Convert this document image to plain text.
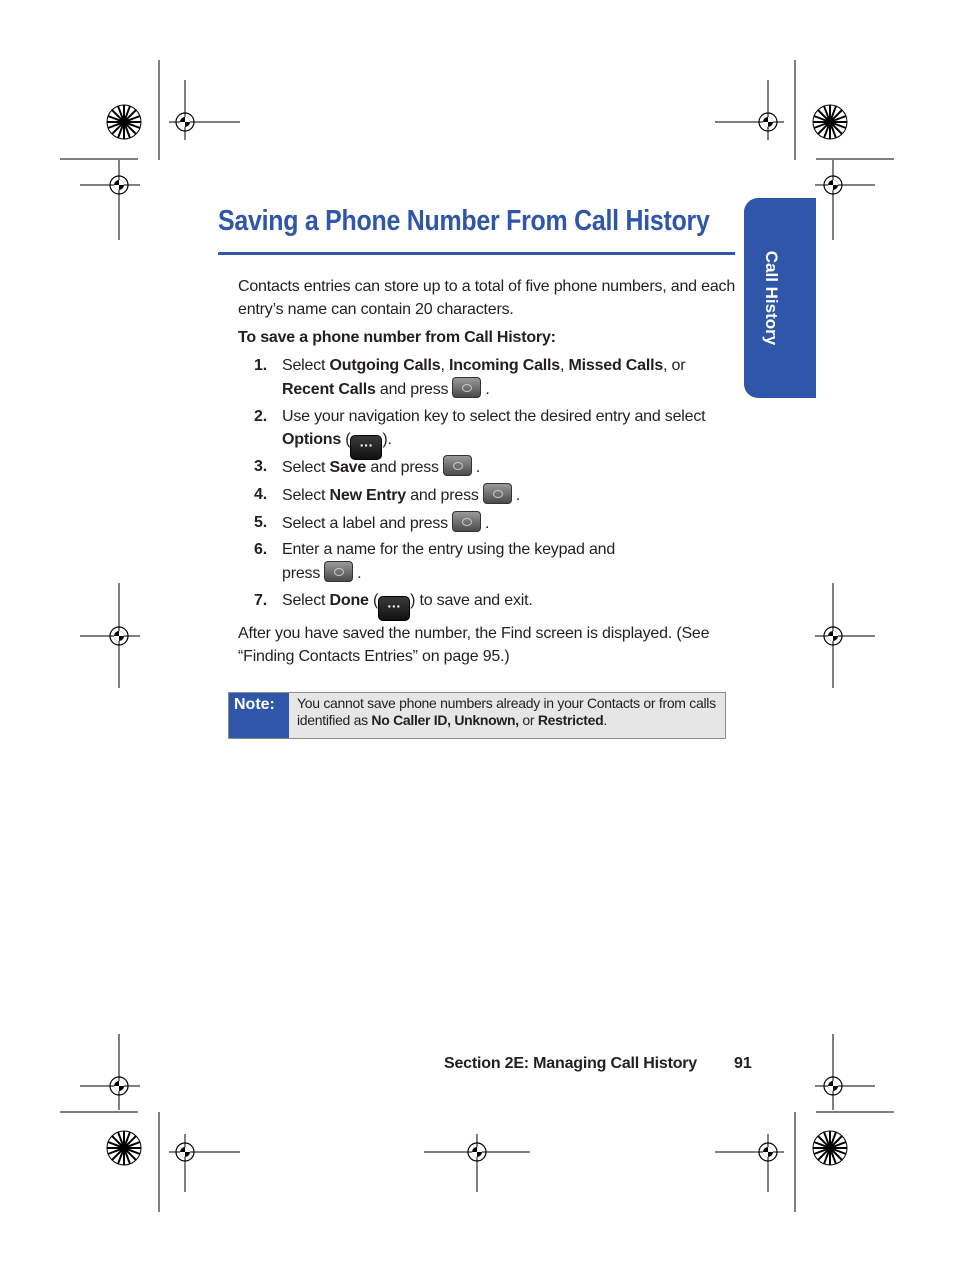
Saving a Phone Number From Call History
Call History
Contacts entries can store up to a total of five phone numbers, and each entry’s name can contain 20 characters.
To save a phone number from Call History:
1. Select Outgoing Calls, Incoming Calls, Missed Calls, or
Recent Calls and press .
2. Use your navigation key to select the desired entry and select
Options ( ··· ).
3. Select Save and press .
4. Select New Entry and press .
5. Select a label and press .
6. Enter a name for the entry using the keypad and
press .
7. Select Done ( ··· ) to save and exit.
After you have saved the number, the Find screen is displayed. (See
“Finding Contacts Entries” on page 95.)
Note:	You cannot save phone numbers already in your Contacts or from calls
identified as No Caller ID, Unknown, or Restricted.
Section 2E: Managing Call History 91
